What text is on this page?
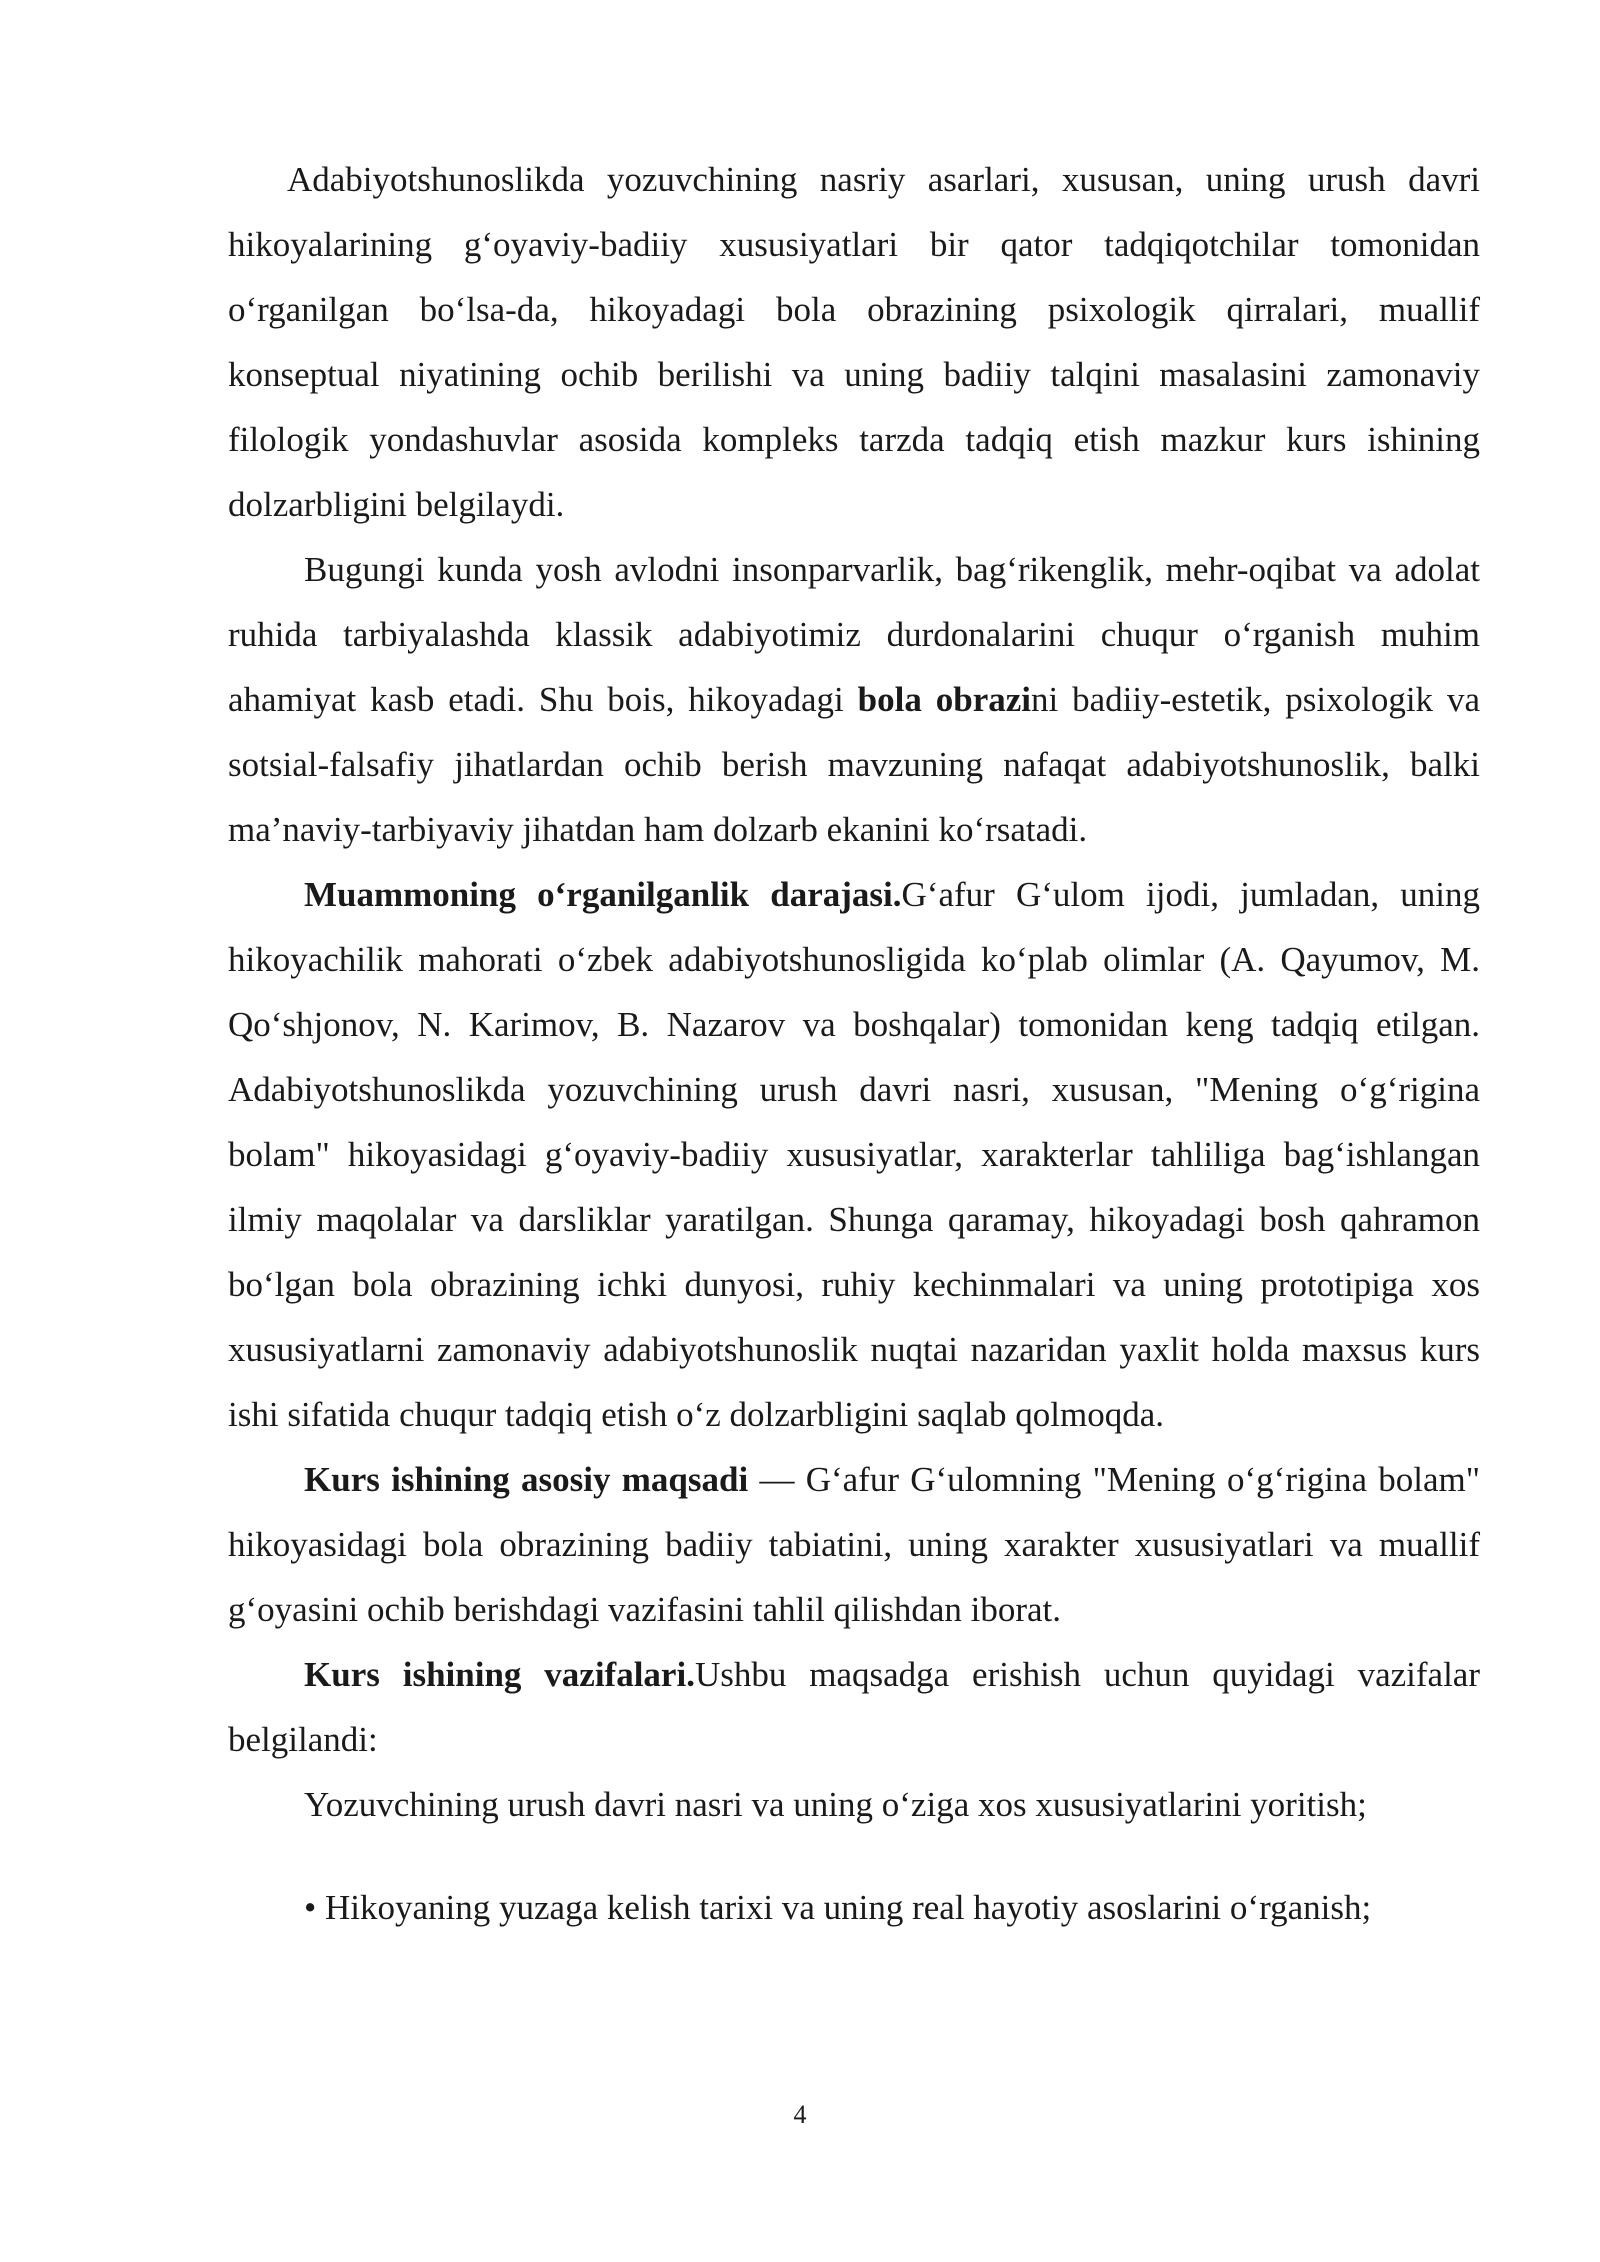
Adabiyotshunoslikda yozuvchining nasriy asarlari, xususan, uning urush davri hikoyalarining g‘oyaviy-badiiy xususiyatlari bir qator tadqiqotchilar tomonidan o‘rganilgan bo‘lsa-da, hikoyadagi bola obrazining psixologik qirralari, muallif konseptual niyatining ochib berilishi va uning badiiy talqini masalasini zamonaviy filologik yondashuvlar asosida kompleks tarzda tadqiq etish mazkur kurs ishining dolzarbligini belgilaydi.

Bugungi kunda yosh avlodni insonparvarlik, bag‘rikenglik, mehr-oqibat va adolat ruhida tarbiyalashda klassik adabiyotimiz durdonalarini chuqur o‘rganish muhim ahamiyat kasb etadi. Shu bois, hikoyadagi bola obrazini badiiy-estetik, psixologik va sotsial-falsafiy jihatlardan ochib berish mavzuning nafaqat adabiyotshunoslik, balki ma’naviy-tarbiyaviy jihatdan ham dolzarb ekanini ko‘rsatadi.

Muammoning o‘rganilganlik darajasi.G‘afur G‘ulom ijodi, jumladan, uning hikoyachilik mahorati o‘zbek adabiyotshunosligida ko‘plab olimlar (A. Qayumov, M. Qo‘shjonov, N. Karimov, B. Nazarov va boshqalar) tomonidan keng tadqiq etilgan. Adabiyotshunoslikda yozuvchining urush davri nasri, xususan, "Mening o‘g‘rigina bolam" hikoyasidagi g‘oyaviy-badiiy xususiyatlar, xarakterlar tahliliga bag‘ishlangan ilmiy maqolalar va darsliklar yaratilgan. Shunga qaramay, hikoyadagi bosh qahramon bo‘lgan bola obrazining ichki dunyosi, ruhiy kechinmalari va uning prototipiga xos xususiyatlarni zamonaviy adabiyotshunoslik nuqtai nazaridan yaxlit holda maxsus kurs ishi sifatida chuqur tadqiq etish o‘z dolzarbligini saqlab qolmoqda.

Kurs ishining asosiy maqsadi — G‘afur G‘ulomning "Mening o‘g‘rigina bolam" hikoyasidagi bola obrazining badiiy tabiatini, uning xarakter xususiyatlari va muallif g‘oyasini ochib berishdagi vazifasini tahlil qilishdan iborat.

Kurs ishining vazifalari.Ushbu maqsadga erishish uchun quyidagi vazifalar belgilandi:

Yozuvchining urush davri nasri va uning o‘ziga xos xususiyatlarini yoritish;

• Hikoyaning yuzaga kelish tarixi va uning real hayotiy asoslarini o‘rganish;

4
